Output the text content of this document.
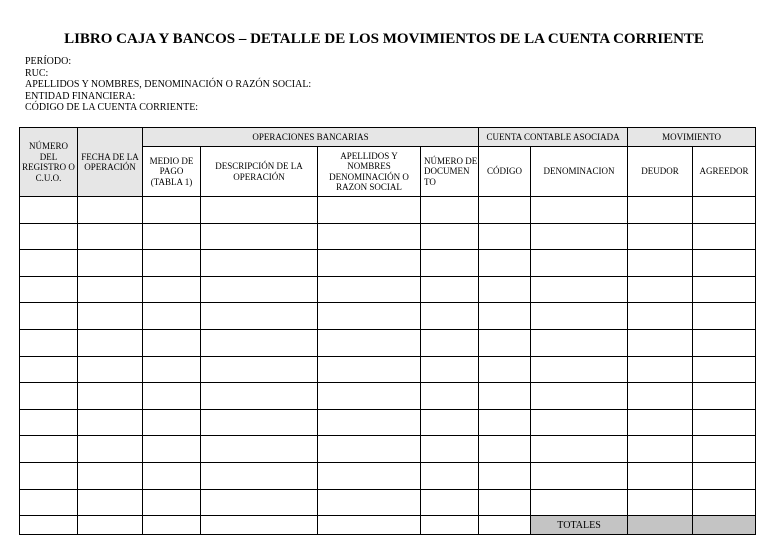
LIBRO CAJA Y BANCOS – DETALLE DE LOS MOVIMIENTOS DE LA CUENTA CORRIENTE
PERÍODO:
RUC:
APELLIDOS Y NOMBRES, DENOMINACIÓN O RAZÓN SOCIAL:
ENTIDAD FINANCIERA:
CÓDIGO DE LA CUENTA CORRIENTE:
NÚMERO DEL REGISTRO O C.U.O.	FECHA DE LA OPERACIÓN	OPERACIONES BANCARIAS				CUENTA CONTABLE ASOCIADA		MOVIMIENTO	
		MEDIO DE PAGO (TABLA 1)	DESCRIPCIÓN DE LA OPERACIÓN	APELLIDOS Y NOMBRES DENOMINACIÓN O RAZON SOCIAL	NÚMERO DE DOCUMEN TO	CÓDIGO	DENOMINACION	DEUDOR	AGREEDOR

							TOTALES		
